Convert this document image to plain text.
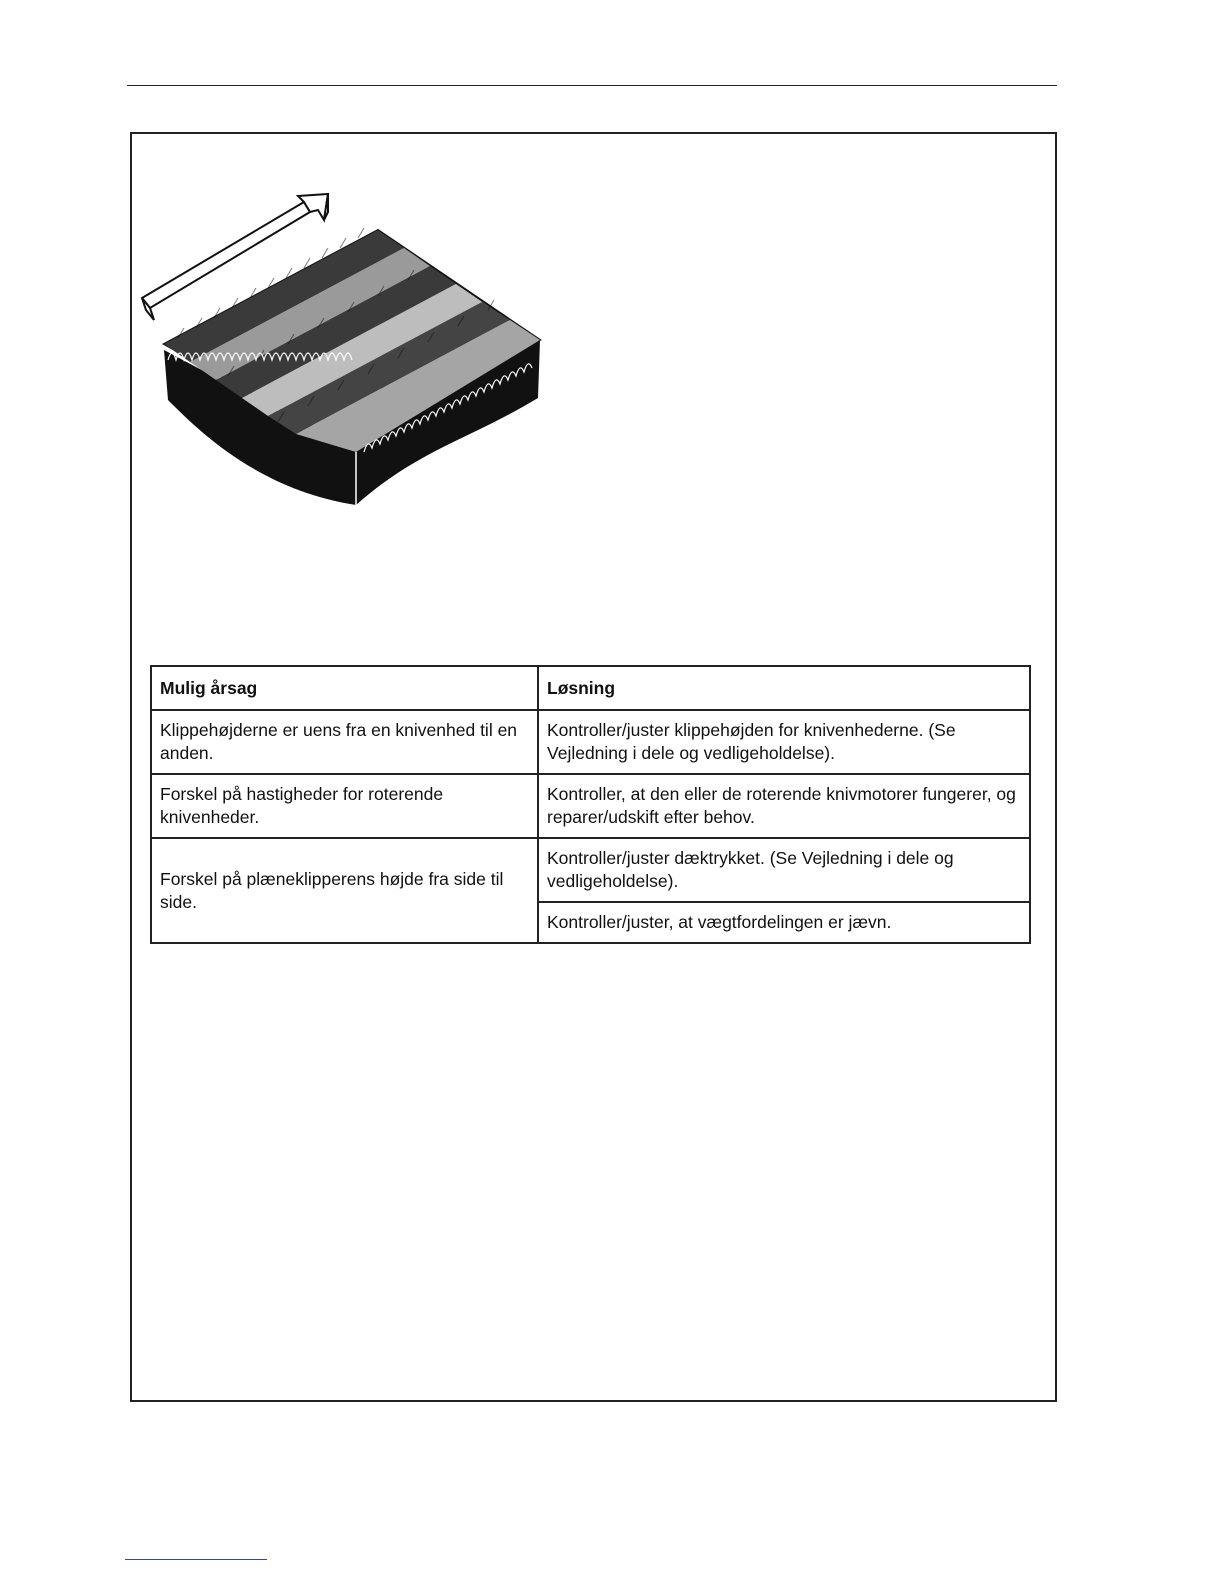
Mulig årsag	Løsning
Klippehøjderne er uens fra en knivenhed til en anden.	Kontroller/juster klippehøjden for knivenhederne. (Se Vejledning i dele og vedligeholdelse).
Forskel på hastigheder for roterende knivenheder.	Kontroller, at den eller de roterende knivmotorer fungerer, og reparer/udskift efter behov.
Forskel på plæneklipperens højde fra side til side.	Kontroller/juster dæktrykket. (Se Vejledning i dele og vedligeholdelse).
	Kontroller/juster, at vægtfordelingen er jævn.
